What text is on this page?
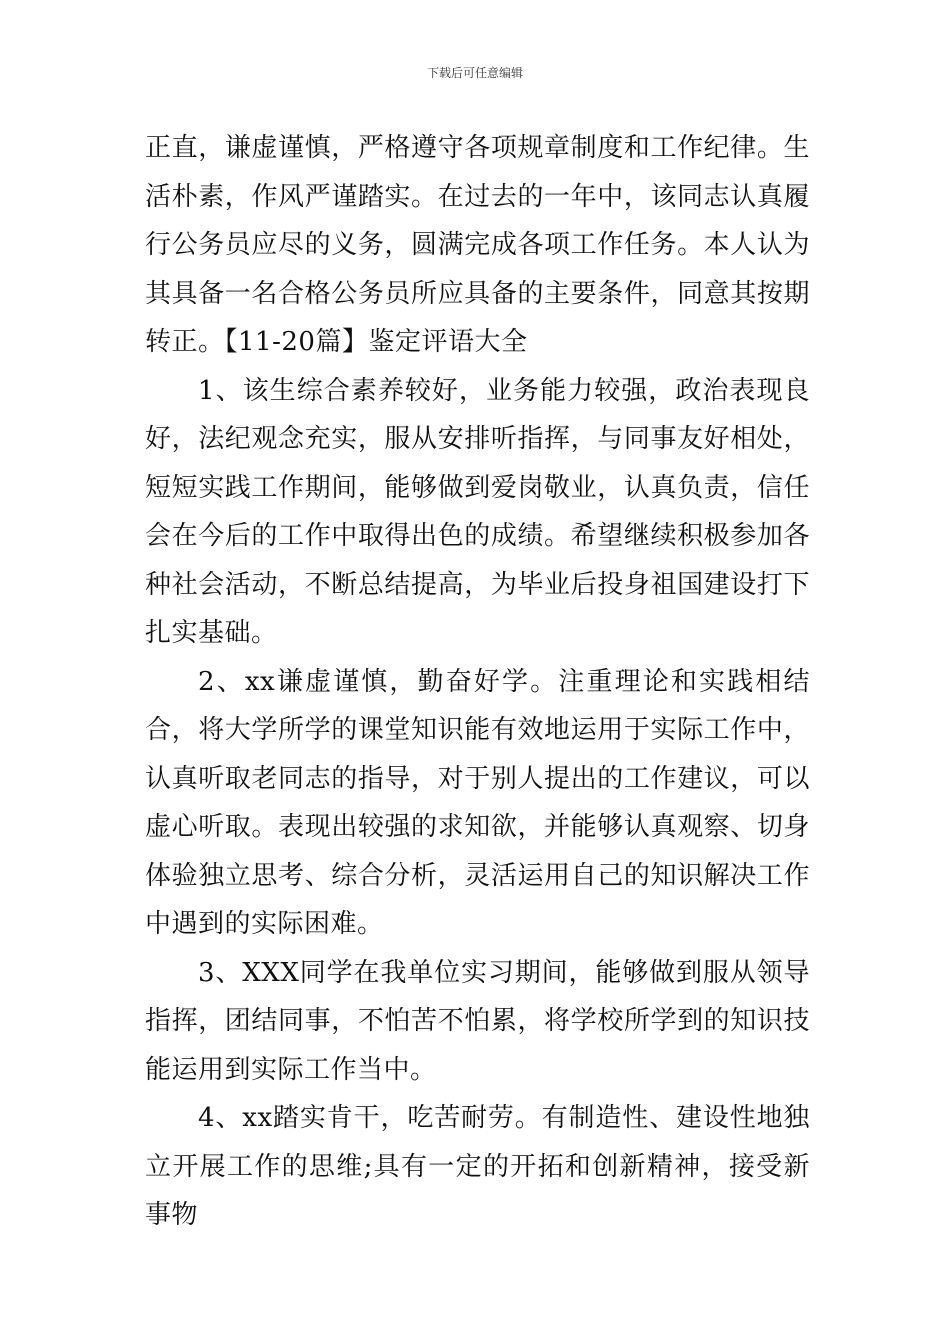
下载后可任意编辑

正直，谦虚谨慎，严格遵守各项规章制度和工作纪律。生活朴素，作风严谨踏实。在过去的一年中，该同志认真履行公务员应尽的义务，圆满完成各项工作任务。本人认为其具备一名合格公务员所应具备的主要条件，同意其按期转正。【11-20篇】鉴定评语大全

1、该生综合素养较好，业务能力较强，政治表现良好，法纪观念充实，服从安排听指挥，与同事友好相处，短短实践工作期间，能够做到爱岗敬业，认真负责，信任会在今后的工作中取得出色的成绩。希望继续积极参加各种社会活动，不断总结提高，为毕业后投身祖国建设打下扎实基础。

2、xx谦虚谨慎，勤奋好学。注重理论和实践相结合，将大学所学的课堂知识能有效地运用于实际工作中，认真听取老同志的指导，对于别人提出的工作建议，可以虚心听取。表现出较强的求知欲，并能够认真观察、切身体验独立思考、综合分析，灵活运用自己的知识解决工作中遇到的实际困难。

3、XXX同学在我单位实习期间，能够做到服从领导指挥，团结同事，不怕苦不怕累，将学校所学到的知识技能运用到实际工作当中。

4、xx踏实肯干，吃苦耐劳。有制造性、建设性地独立开展工作的思维;具有一定的开拓和创新精神，接受新事物
